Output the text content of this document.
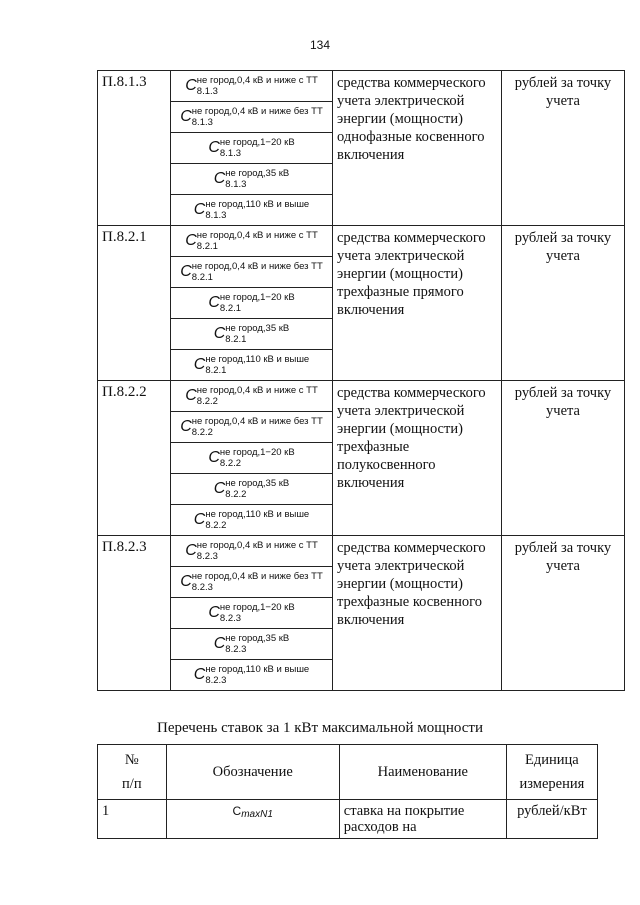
134
П.8.1.3	C не город,0,4 кВ и ниже с ТТ
8.1.3	средства коммерческого учета электрической энергии (мощности) однофазные косвенного включения	рублей за точку учета
	C не город,0,4 кВ и ниже без ТТ
8.1.3		

	C не город,1−20 кВ
8.1.3		

	C не город,35 кВ
8.1.3		

	C не город,110 кВ и выше
8.1.3		

П.8.2.1	C не город,0,4 кВ и ниже с ТТ
8.2.1	средства коммерческого учета электрической энергии (мощности) трехфазные прямого включения	рублей за точку учета
	C не город,0,4 кВ и ниже без ТТ
8.2.1		

	C не город,1−20 кВ
8.2.1		

	C не город,35 кВ
8.2.1		

	C не город,110 кВ и выше
8.2.1		

П.8.2.2	C не город,0,4 кВ и ниже с ТТ
8.2.2	средства коммерческого учета электрической энергии (мощности) трехфазные полукосвенного включения	рублей за точку учета
	C не город,0,4 кВ и ниже без ТТ
8.2.2		

	C не город,1−20 кВ
8.2.2		

	C не город,35 кВ
8.2.2		

	C не город,110 кВ и выше
8.2.2		

П.8.2.3	C не город,0,4 кВ и ниже с ТТ
8.2.3	средства коммерческого учета электрической энергии (мощности) трехфазные косвенного включения	рублей за точку учета
	C не город,0,4 кВ и ниже без ТТ
8.2.3		

	C не город,1−20 кВ
8.2.3		

	C не город,35 кВ
8.2.3		

	C не город,110 кВ и выше
8.2.3		
Перечень ставок за 1 кВт максимальной мощности
№
п/п	Обозначение	Наименование	Единица
измерения
1	$C_{maxN1}$	ставка на покрытие расходов на	рублей/кВт
